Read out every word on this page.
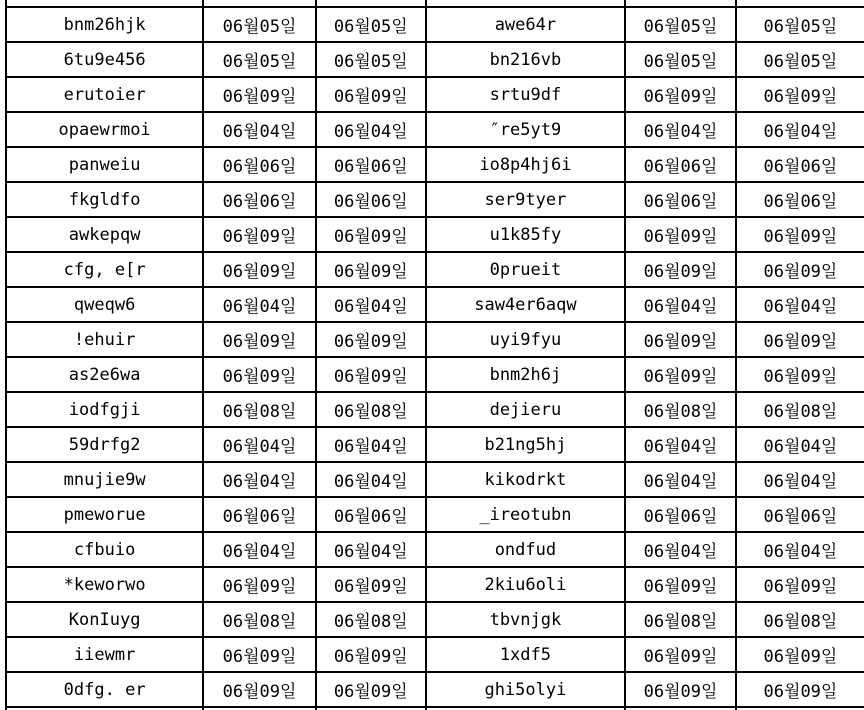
bnm26hjk	06월05일	06월05일	awe64r	06월05일	06월05일
6tu9e456	06월05일	06월05일	bn216vb	06월05일	06월05일
erutoier	06월09일	06월09일	srtu9df	06월09일	06월09일
opaewrmoi	06월04일	06월04일	″re5yt9	06월04일	06월04일
panweiu	06월06일	06월06일	io8p4hj6i	06월06일	06월06일
fkgldfo	06월06일	06월06일	ser9tyer	06월06일	06월06일
awkepqw	06월09일	06월09일	u1k85fy	06월09일	06월09일
cfg, e[r	06월09일	06월09일	0prueit	06월09일	06월09일
qweqw6	06월04일	06월04일	saw4er6aqw	06월04일	06월04일
!ehuir	06월09일	06월09일	uyi9fyu	06월09일	06월09일
as2e6wa	06월09일	06월09일	bnm2h6j	06월09일	06월09일
iodfgji	06월08일	06월08일	dejieru	06월08일	06월08일
59drfg2	06월04일	06월04일	b21ng5hj	06월04일	06월04일
mnujie9w	06월04일	06월04일	kikodrkt	06월04일	06월04일
pmeworue	06월06일	06월06일	_ireotubn	06월06일	06월06일
cfbuio	06월04일	06월04일	ondfud	06월04일	06월04일
*keworwo	06월09일	06월09일	2kiu6oli	06월09일	06월09일
KonIuyg	06월08일	06월08일	tbvnjgk	06월08일	06월08일
iiewmr	06월09일	06월09일	1xdf5	06월09일	06월09일
0dfg. er	06월09일	06월09일	ghi5olyi	06월09일	06월09일
